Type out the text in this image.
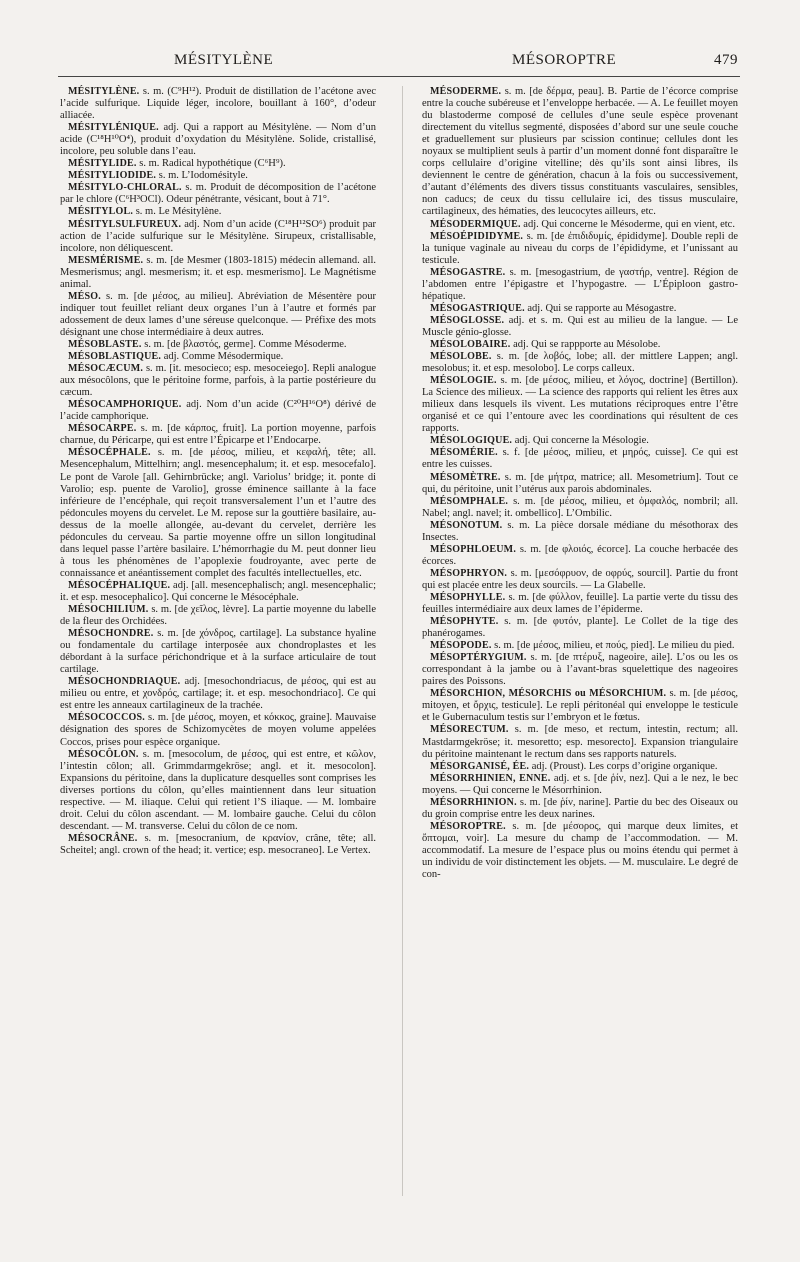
MÉSITYLÈNE	MÉSOROPTRE	479

MÉSITYLÈNE. s. m. (C⁹H¹²). Produit de distillation de l’acétone avec l’acide sulfurique. Liquide léger, incolore, bouillant à 160°, d’odeur alliacée.

MÉSITYLÉNIQUE. adj. Qui a rapport au Mésitylène. — Nom d’un acide (C¹⁸H¹⁰O⁴), produit d’oxydation du Mésitylène. Solide, cristallisé, incolore, peu soluble dans l’eau.

MÉSITYLIDE. s. m. Radical hypothétique (C⁶H⁹).

MÉSITYLIODIDE. s. m. L’Iodomésityle.

MÉSITYLO-CHLORAL. s. m. Produit de décomposition de l’acétone par le chlore (C⁶H³OCl). Odeur pénétrante, vésicant, bout à 71°.

MÉSITYLOL. s. m. Le Mésitylène.

MÉSITYLSULFUREUX. adj. Nom d’un acide (C¹⁸H¹²SO⁶) produit par action de l’acide sulfurique sur le Mésitylène. Sirupeux, cristallisable, incolore, non déliquescent.

MESMÉRISME. s. m. [de Mesmer (1803-1815) médecin allemand. all. Mesmerismus; angl. mesmerism; it. et esp. mesmerismo]. Le Magnétisme animal.

MÉSO. s. m. [de μέσος, au milieu]. Abréviation de Mésentère pour indiquer tout feuillet reliant deux organes l’un à l’autre et formés par adossement de deux lames d’une séreuse quelconque. — Préfixe des mots désignant une chose intermédiaire à deux autres.

MÉSOBLASTE. s. m. [de βλαστός, germe]. Comme Mésoderme.

MÉSOBLASTIQUE. adj. Comme Mésodermique.

MÉSOCÆCUM. s. m. [it. mesocieco; esp. mesoceiego]. Repli analogue aux mésocôlons, que le péritoine forme, parfois, à la partie postérieure du cæcum.

MÉSOCAMPHORIQUE. adj. Nom d’un acide (C²⁰H¹⁶O⁸) dérivé de l’acide camphorique.

MÉSOCARPE. s. m. [de κάρπος, fruit]. La portion moyenne, parfois charnue, du Péricarpe, qui est entre l’Épicarpe et l’Endocarpe.

MÉSOCÉPHALE. s. m. [de μέσος, milieu, et κεφαλή, tête; all. Mesencephalum, Mittelhirn; angl. mesencephalum; it. et esp. mesocefalo]. Le pont de Varole [all. Gehirnbrücke; angl. Variolus’ bridge; it. ponte di Varolio; esp. puente de Varolio], grosse éminence saillante à la face inférieure de l’encéphale, qui reçoit transversalement l’un et l’autre des pédoncules moyens du cervelet. Le M. repose sur la gouttière basilaire, au-dessus de la moelle allongée, au-devant du cervelet, derrière les pédoncules du cerveau. Sa partie moyenne offre un sillon longitudinal dans lequel passe l’artère basilaire. L’hémorrhagie du M. peut donner lieu à tous les phénomènes de l’apoplexie foudroyante, avec perte de connaissance et anéantissement complet des facultés intellectuelles, etc.

MÉSOCÉPHALIQUE. adj. [all. mesencephalisch; angl. mesencephalic; it. et esp. mesocephalico]. Qui concerne le Mésocéphale.

MÉSOCHILIUM. s. m. [de χεῖλος, lèvre]. La partie moyenne du labelle de la fleur des Orchidées.

MÉSOCHONDRE. s. m. [de χόνδρος, cartilage]. La substance hyaline ou fondamentale du cartilage interposée aux chondroplastes et les débordant à la surface périchondrique et à la surface articulaire de tout cartilage.

MÉSOCHONDRIAQUE. adj. [mesochondriacus, de μέσος, qui est au milieu ou entre, et χονδρός, cartilage; it. et esp. mesochondriaco]. Ce qui est entre les anneaux cartilagineux de la trachée.

MÉSOCOCCOS. s. m. [de μέσος, moyen, et κόκκος, graine]. Mauvaise désignation des spores de Schizomycètes de moyen volume appelées Coccos, prises pour espèce organique.

MÉSOCÔLON. s. m. [mesocolum, de μέσος, qui est entre, et κῶλον, l’intestin côlon; all. Grimmdarmgekröse; angl. et it. mesocolon]. Expansions du péritoine, dans la duplicature desquelles sont comprises les diverses portions du côlon, qu’elles maintiennent dans leur situation respective. — M. iliaque. Celui qui retient l’S iliaque. — M. lombaire droit. Celui du côlon ascendant. — M. lombaire gauche. Celui du côlon descendant. — M. transverse. Celui du côlon de ce nom.

MÉSOCRÂNE. s. m. [mesocranium, de κρανίον, crâne, tête; all. Scheitel; angl. crown of the head; it. vertice; esp. mesocraneo]. Le Vertex.

MÉSODERME. s. m. [de δέρμα, peau]. B. Partie de l’écorce comprise entre la couche subéreuse et l’enveloppe herbacée. — A. Le feuillet moyen du blastoderme composé de cellules d’une seule espèce provenant directement du vitellus segmenté, disposées d’abord sur une seule couche et graduellement sur plusieurs par scission continue; cellules dont les noyaux se multiplient seuls à partir d’un moment donné font disparaître le corps cellulaire d’origine vitelline; dès qu’ils sont ainsi libres, ils deviennent le centre de génération, chacun à la fois ou successivement, d’autant d’éléments des divers tissus constituants vasculaires, sensibles, non caducs; de ceux du tissu cellulaire ici, des tissus musculaire, cartilagineux, des hématies, des leucocytes ailleurs, etc.

MÉSODERMIQUE. adj. Qui concerne le Mésoderme, qui en vient, etc.

MÉSOÉPIDIDYME. s. m. [de ἐπιδιδυμίς, épididyme]. Double repli de la tunique vaginale au niveau du corps de l’épididyme, et l’unissant au testicule.

MÉSOGASTRE. s. m. [mesogastrium, de γαστήρ, ventre]. Région de l’abdomen entre l’épigastre et l’hypogastre. — L’Épiploon gastro-hépatique.

MÉSOGASTRIQUE. adj. Qui se rapporte au Mésogastre.

MÉSOGLOSSE. adj. et s. m. Qui est au milieu de la langue. — Le Muscle génio-glosse.

MÉSOLOBAIRE. adj. Qui se rappporte au Mésolobe.

MÉSOLOBE. s. m. [de λοβός, lobe; all. der mittlere Lappen; angl. mesolobus; it. et esp. mesolobo]. Le corps calleux.

MÉSOLOGIE. s. m. [de μέσος, milieu, et λόγος, doctrine] (Bertillon). La Science des milieux. — La science des rapports qui relient les êtres aux milieux dans lesquels ils vivent. Les mutations réciproques entre l’être organisé et ce qui l’entoure avec les coordinations qui résultent de ces rapports.

MÉSOLOGIQUE. adj. Qui concerne la Mésologie.

MÉSOMÉRIE. s. f. [de μέσος, milieu, et μηρός, cuisse]. Ce qui est entre les cuisses.

MÉSOMÈTRE. s. m. [de μήτρα, matrice; all. Mesometrium]. Tout ce qui, du péritoine, unit l’utérus aux parois abdominales.

MÉSOMPHALE. s. m. [de μέσος, milieu, et ὀμφαλός, nombril; all. Nabel; angl. navel; it. ombellico]. L’Ombilic.

MÉSONOTUM. s. m. La pièce dorsale médiane du mésothorax des Insectes.

MÉSOPHLOEUM. s. m. [de φλοιός, écorce]. La couche herbacée des écorces.

MÉSOPHRYON. s. m. [μεσόφρυον, de οφρύς, sourcil]. Partie du front qui est placée entre les deux sourcils. — La Glabelle.

MÉSOPHYLLE. s. m. [de φύλλον, feuille]. La partie verte du tissu des feuilles intermédiaire aux deux lames de l’épiderme.

MÉSOPHYTE. s. m. [de φυτόν, plante]. Le Collet de la tige des phanérogames.

MÉSOPODE. s. m. [de μέσος, milieu, et πούς, pied]. Le milieu du pied.

MÉSOPTÉRYGIUM. s. m. [de πτέρυξ, nageoire, aile]. L’os ou les os correspondant à la jambe ou à l’avant-bras squelettique des nageoires paires des Poissons.

MÉSORCHION, MÉSORCHIS ou MÉSORCHIUM. s. m. [de μέσος, mitoyen, et ὄρχις, testicule]. Le repli péritonéal qui enveloppe le testicule et le Gubernaculum testis sur l’embryon et le fœtus.

MÉSORECTUM. s. m. [de meso, et rectum, intestin, rectum; all. Mastdarmgekröse; it. mesoretto; esp. mesorecto]. Expansion triangulaire du péritoine maintenant le rectum dans ses rapports naturels.

MÉSORGANISÉ, ÉE. adj. (Proust). Les corps d’origine organique.

MÉSORRHINIEN, ENNE. adj. et s. [de ῥίν, nez]. Qui a le nez, le bec moyens. — Qui concerne le Mésorrhinion.

MÉSORRHINION. s. m. [de ῥίν, narine]. Partie du bec des Oiseaux ou du groin comprise entre les deux narines.

MÉSOROPTRE. s. m. [de μέσορος, qui marque deux limites, et ὄπτομαι, voir]. La mesure du champ de l’accommodation. — M. accommodatif. La mesure de l’espace plus ou moins étendu qui permet à un individu de voir distinctement les objets. — M. musculaire. Le degré de con-
